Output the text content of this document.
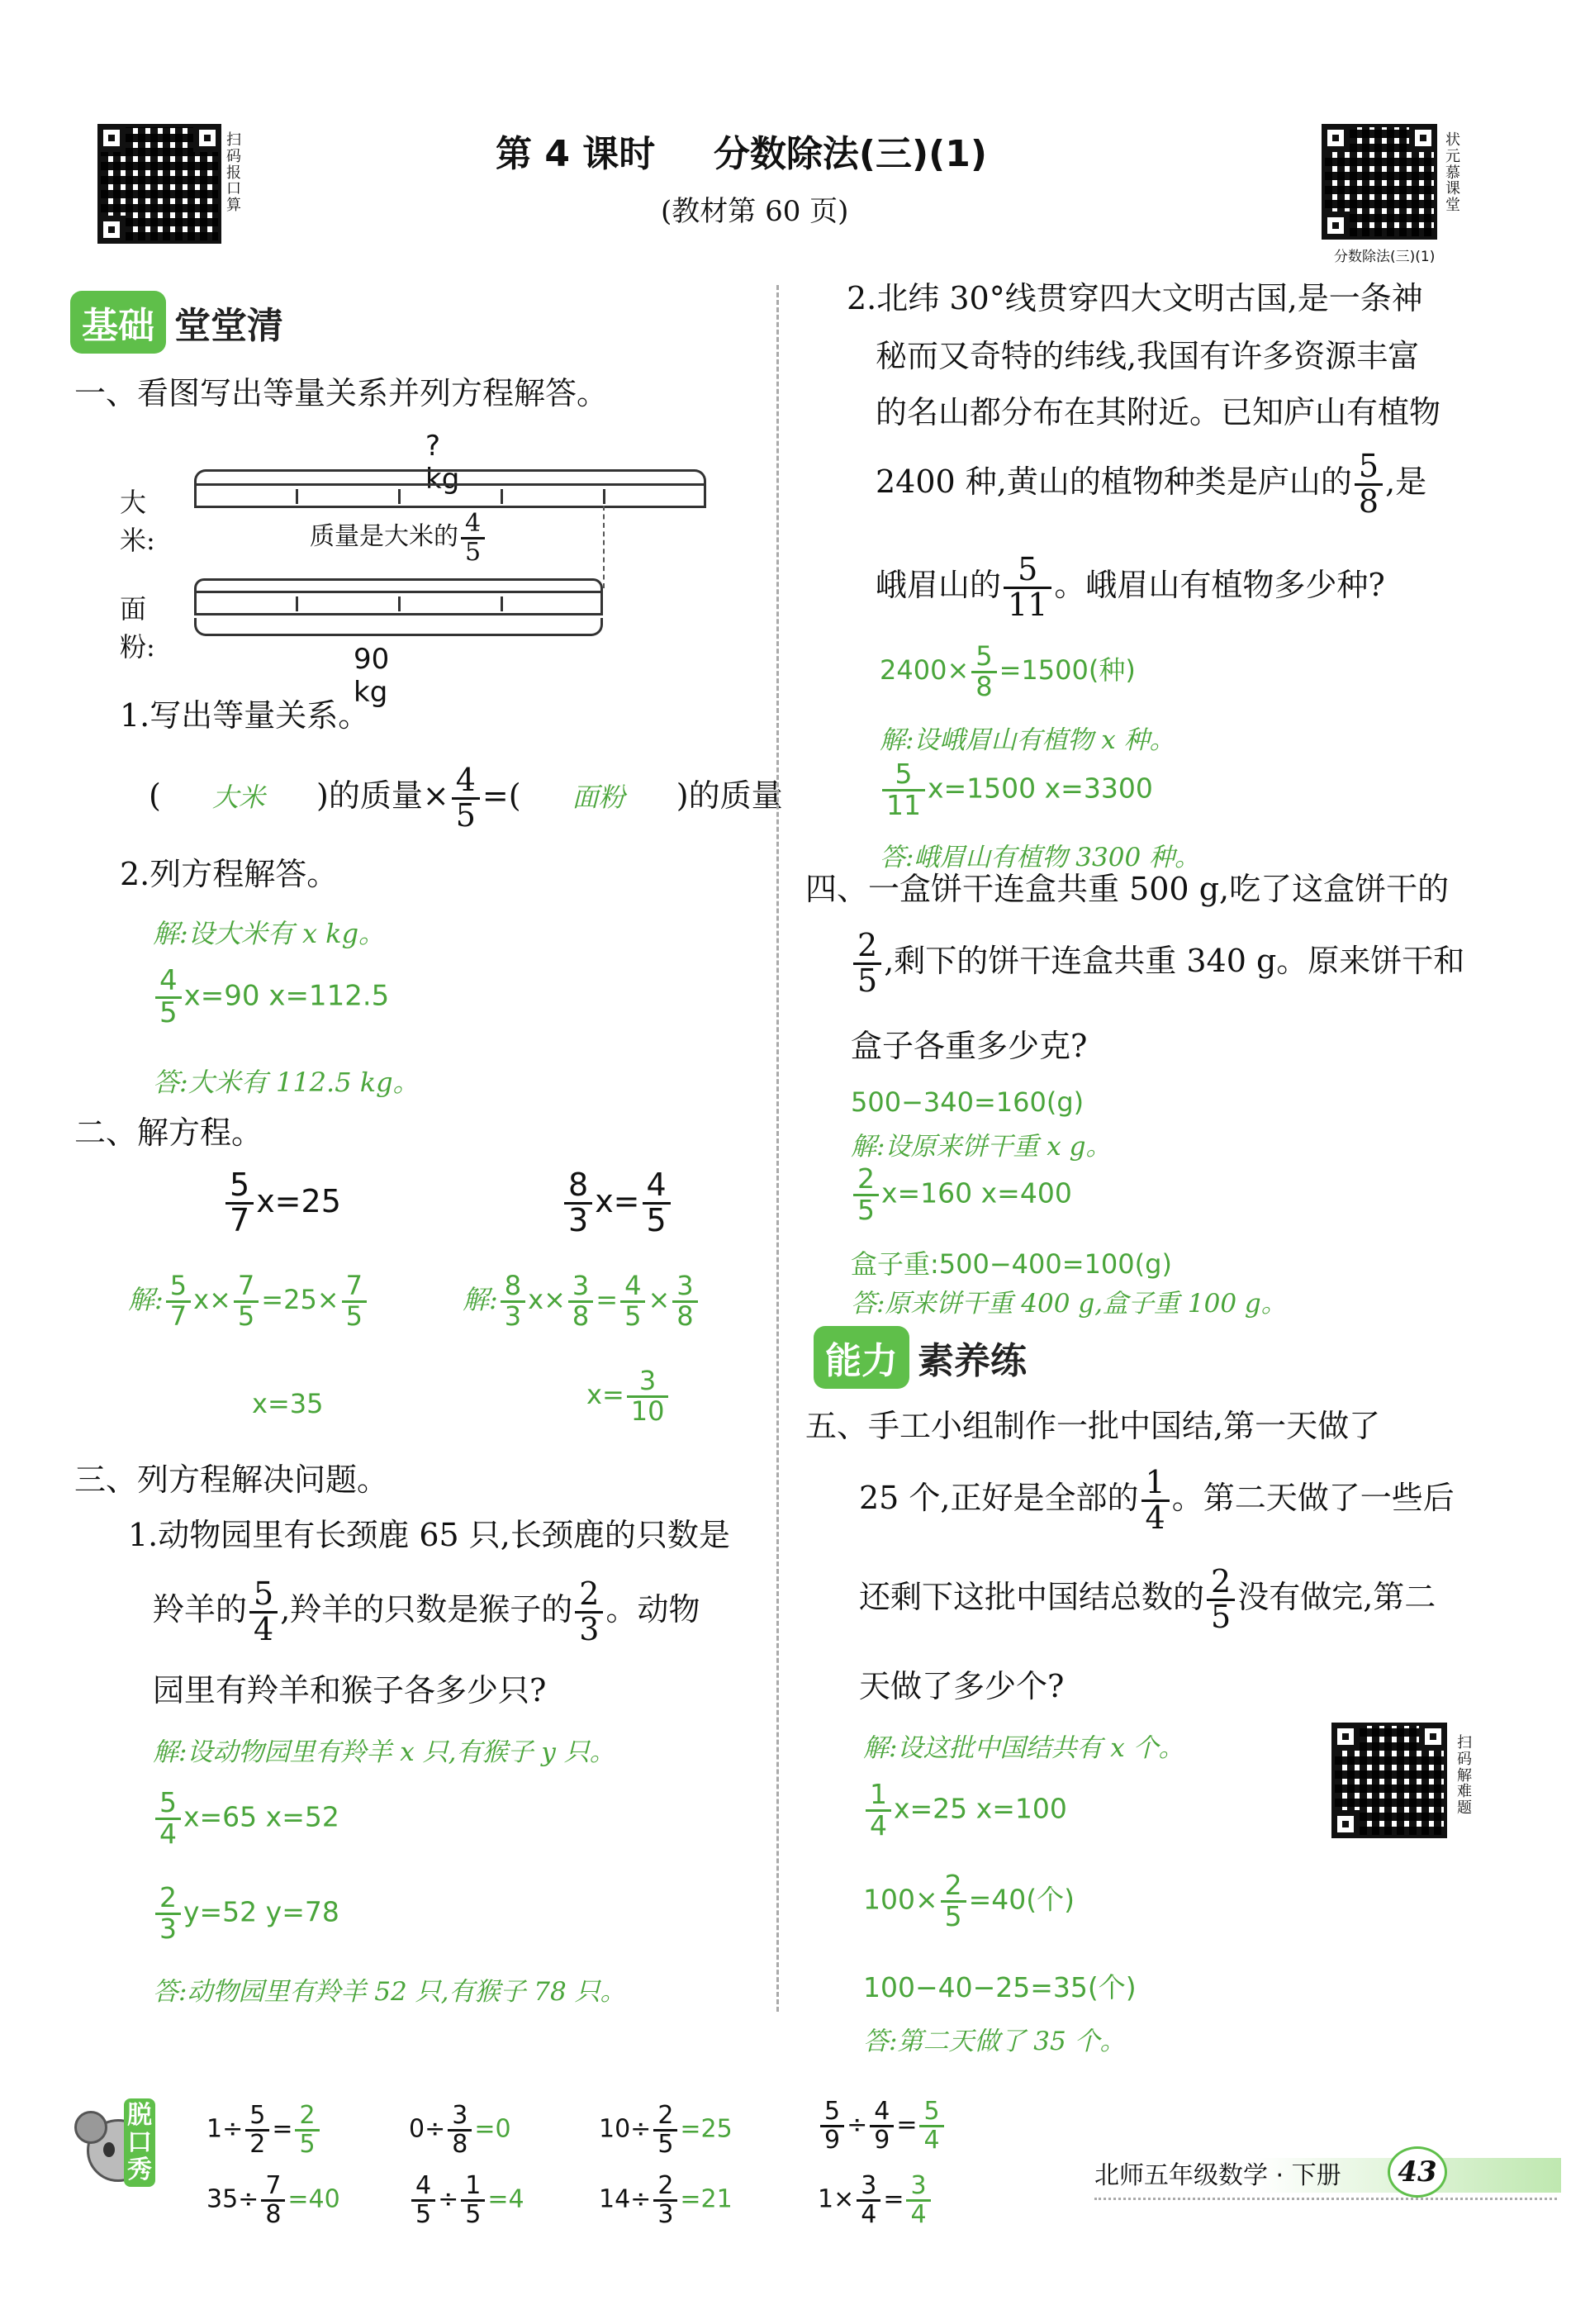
扫码报口算
第 4 课时 分数除法(三)(1)
(教材第 60 页)
状元慕课堂
分数除法(三)(1)
基础 堂堂清
一、看图写出等量关系并列方程解答。
? kg
大米:	质量是大米的 $\frac{4}{5}$
面粉:	90 kg
1.写出等量关系。
( 大米 )的质量× $\frac{4}{5}$ =( 面粉 )的质量
2.列方程解答。
解:设大米有 x kg。
$\frac{4}{5} x=90$ x=112.5
答:大米有 112.5 kg。
二、解方程。
$\frac{5}{7} x=25$	$\frac{8}{3} x= \frac{4}{5}$
解: $\frac{5}{7} x\times \frac{7}{5} =25\times \frac{7}{5}$
x=35
解: $\frac{8}{3} x\times \frac{3}{8} = \frac{4}{5} \times \frac{3}{8}$
$x= \frac{3}{10}$
三、列方程解决问题。
1.动物园里有长颈鹿 65 只,长颈鹿的只数是
羚羊的 $\frac{5}{4}$ ,羚羊的只数是猴子的 $\frac{2}{3}$ 。动物
园里有羚羊和猴子各多少只?
解:设动物园里有羚羊 x 只,有猴子 y 只。
$\frac{5}{4} x=65$ x=52
$\frac{2}{3} y=52$ y=78
答:动物园里有羚羊 52 只,有猴子 78 只。
2.北纬 30°线贯穿四大文明古国,是一条神
秘而又奇特的纬线,我国有许多资源丰富
的名山都分布在其附近。已知庐山有植物
2400 种,黄山的植物种类是庐山的 $\frac{5}{8}$ ,是
峨眉山的 $\frac{5}{11}$ 。峨眉山有植物多少种?
$2400\times \frac{5}{8} =1500$(种)
解:设峨眉山有植物 x 种。
$\frac{5}{11} x=1500$ x=3300
答:峨眉山有植物 3300 种。
四、一盒饼干连盒共重 500 g,吃了这盒饼干的
$\frac{2}{5}$ ,剩下的饼干连盒共重 340 g。原来饼干和
盒子各重多少克?
500−340=160(g)
解:设原来饼干重 x g。
$\frac{2}{5} x=160$ x=400
盒子重:500−400=100(g)
答:原来饼干重 400 g,盒子重 100 g。
能力 素养练
五、手工小组制作一批中国结,第一天做了
25 个,正好是全部的 $\frac{1}{4}$ 。第二天做了一些后
还剩下这批中国结总数的 $\frac{2}{5}$ 没有做完,第二
天做了多少个?
扫码解难题
解:设这批中国结共有 x 个。
$\frac{1}{4} x=25$ x=100
$100\times \frac{2}{5} =40$(个)
100−40−25=35(个)
答:第二天做了 35 个。
脱口秀
$1\div \frac{5}{2} = \frac{2}{5}$
$35\div \frac{7}{8} =40$
$0\div \frac{3}{8} =0$
$\frac{4}{5} \div \frac{1}{5} =4$
$10\div \frac{2}{5} =25$
$14\div \frac{2}{3} =21$
$\frac{5}{9} \div \frac{4}{9} = \frac{5}{4}$
$1\times \frac{3}{4} = \frac{3}{4}$	北师五年级数学 · 下册	43
